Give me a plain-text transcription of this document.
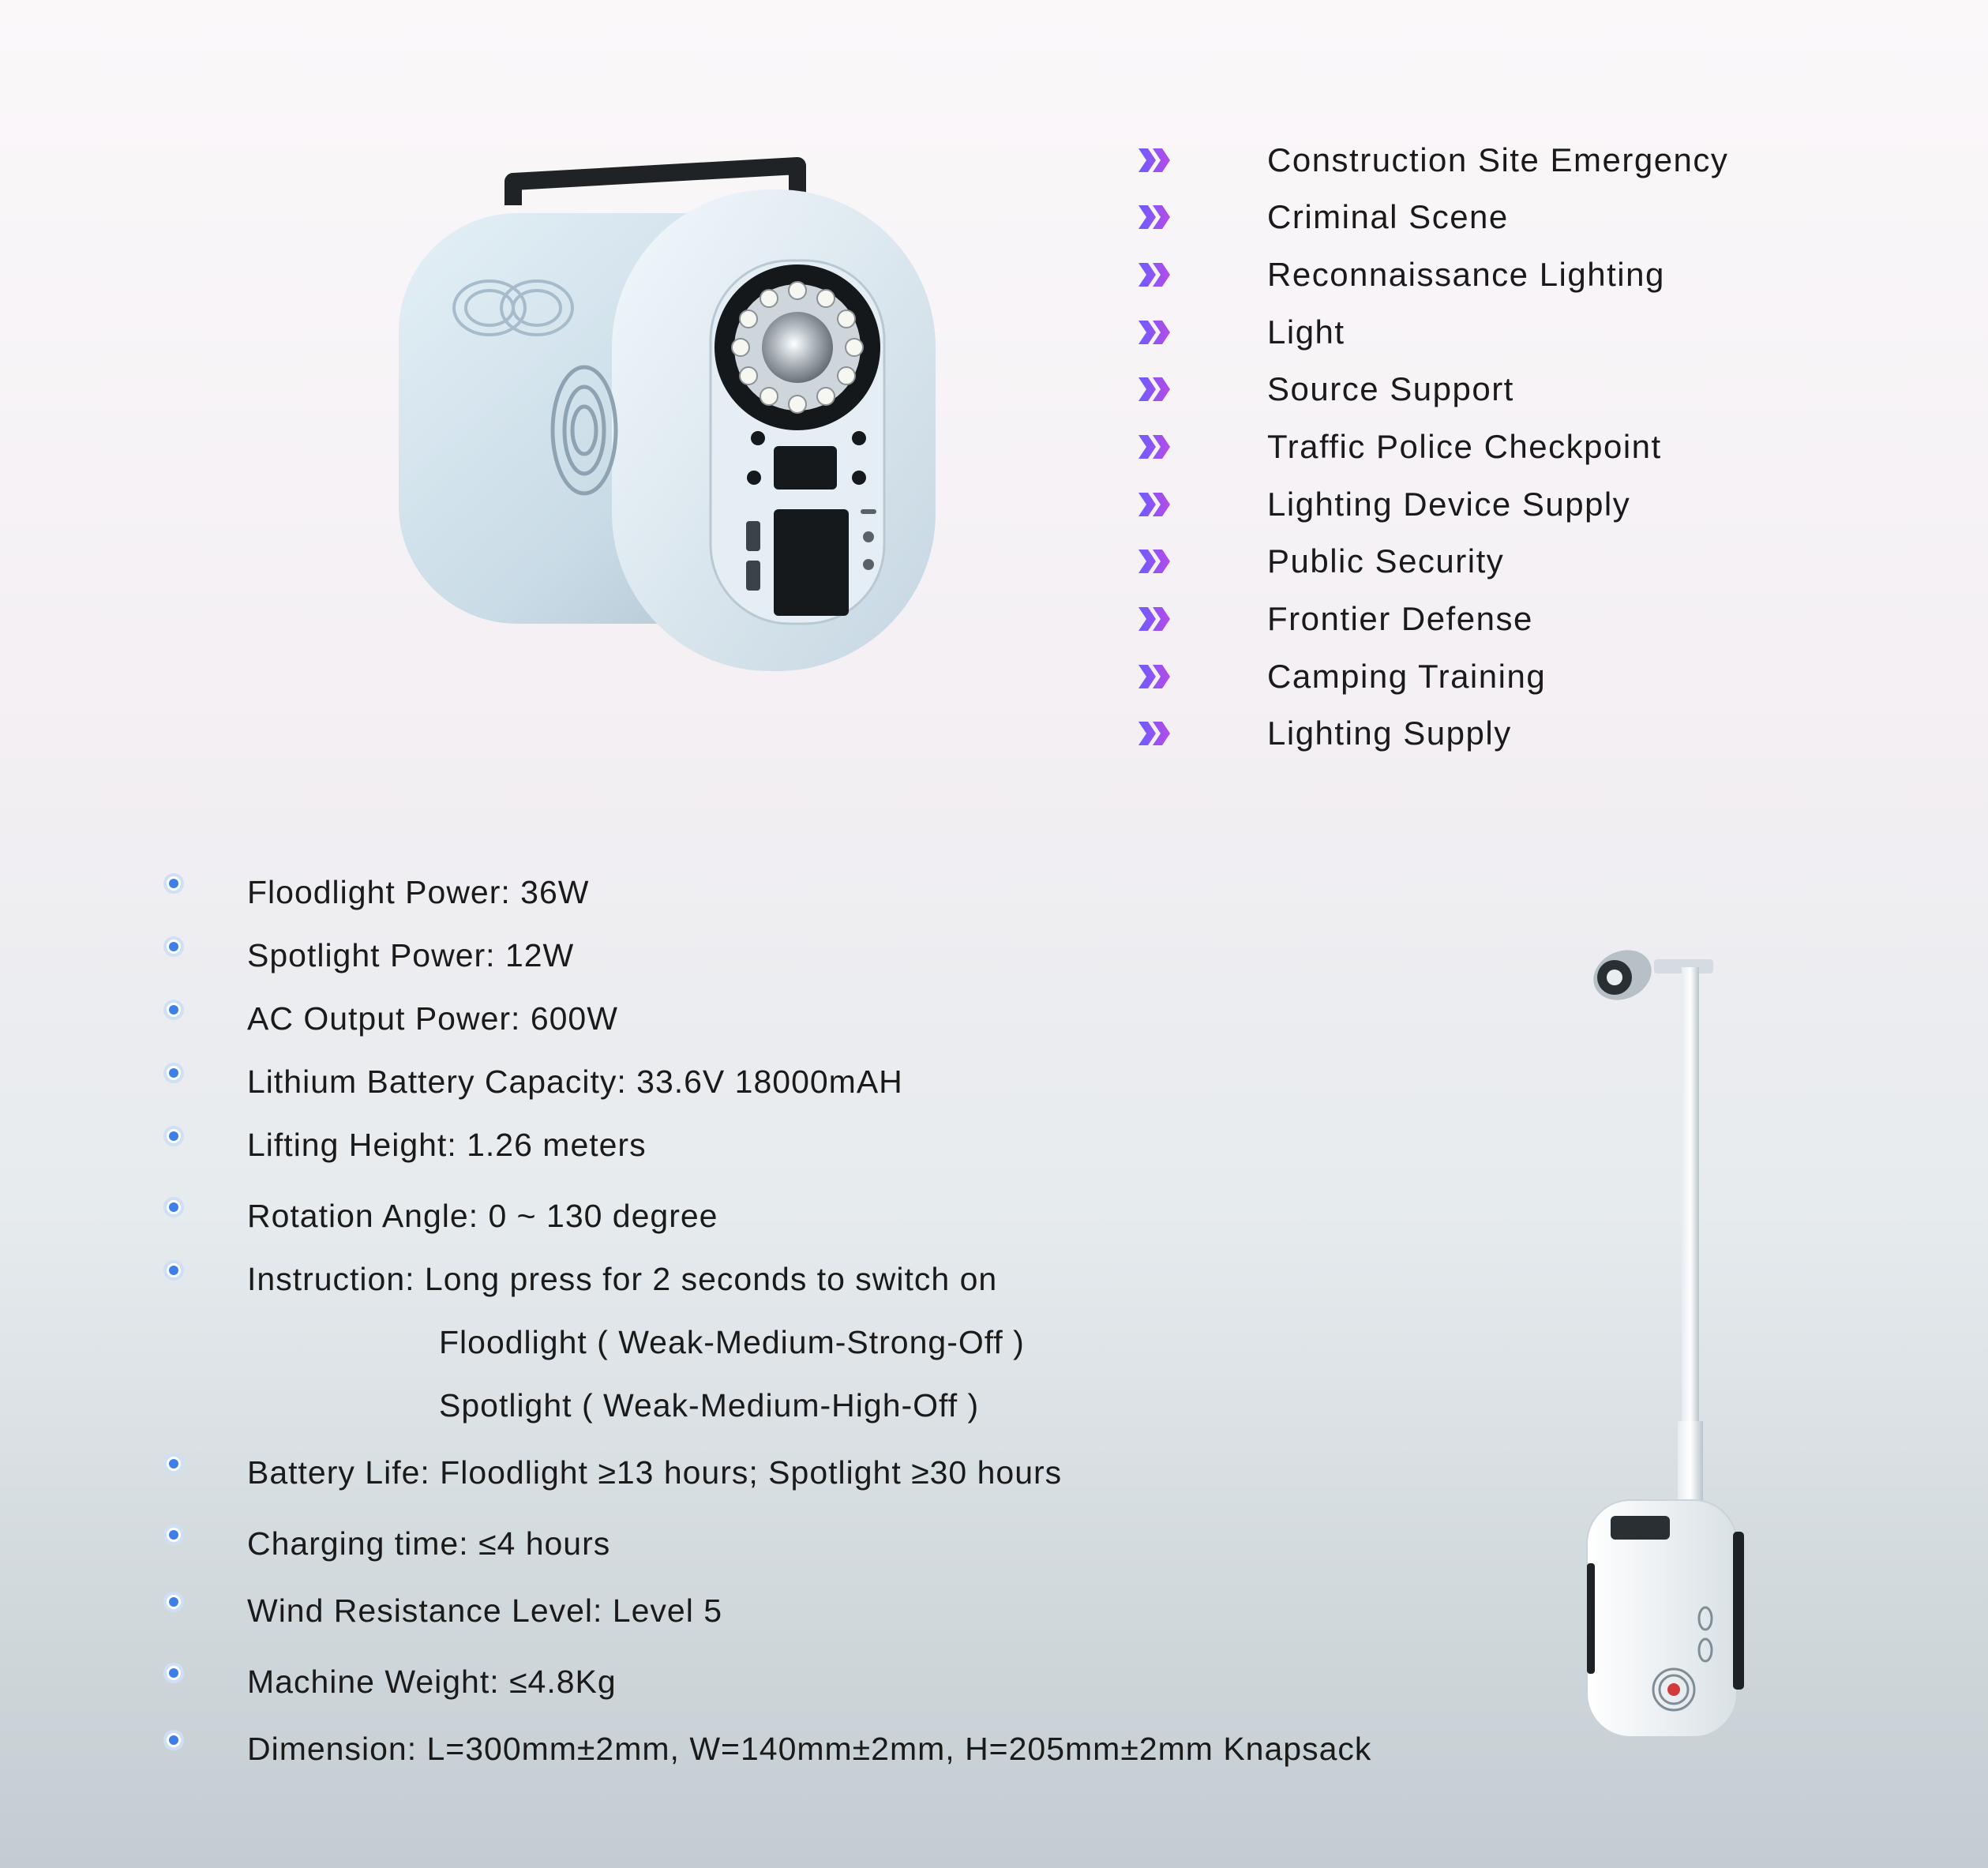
Construction Site Emergency
Criminal Scene
Reconnaissance Lighting
Light
Source Support
Traffic Police Checkpoint
Lighting Device Supply
Public Security
Frontier Defense
Camping Training
Lighting Supply
Floodlight Power: 36W
Spotlight Power: 12W
AC Output Power: 600W
Lithium Battery Capacity: 33.6V 18000mAH
Lifting Height: 1.26 meters
Rotation Angle: 0 ~ 130 degree
Instruction: Long press for 2 seconds to switch on
Floodlight ( Weak-Medium-Strong-Off )
Spotlight ( Weak-Medium-High-Off )
Battery Life: Floodlight ≥13 hours; Spotlight ≥30 hours
Charging time: ≤4 hours
Wind Resistance Level: Level 5
Machine Weight: ≤4.8Kg
Dimension: L=300mm±2mm, W=140mm±2mm, H=205mm±2mm Knapsack
